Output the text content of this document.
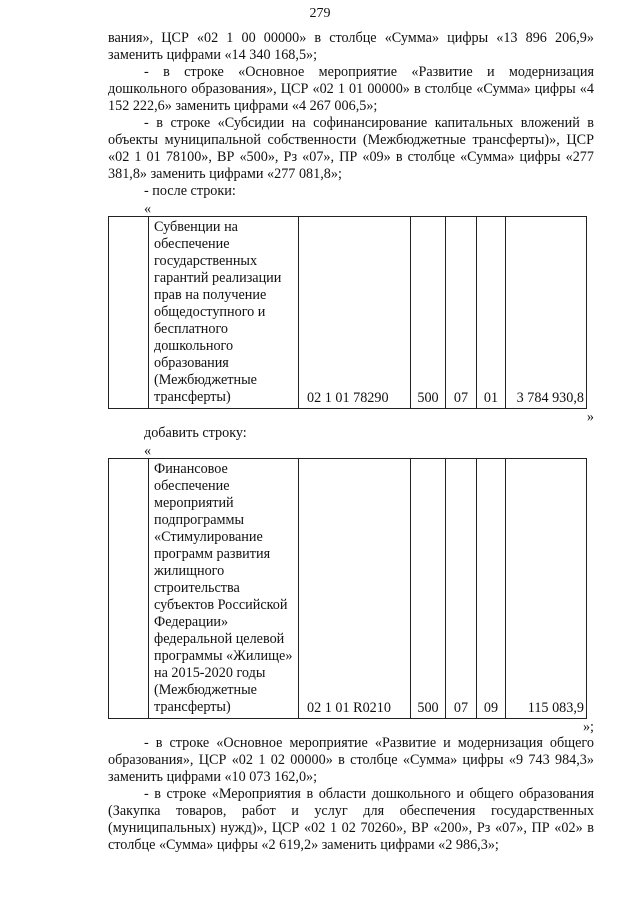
279

вания», ЦСР «02 1 00 00000» в столбце «Сумма» цифры «13 896 206,9» заменить цифрами «14 340 168,5»;

- в строке «Основное мероприятие «Развитие и модернизация дошкольного образования», ЦСР «02 1 01 00000» в столбце «Сумма» цифры «4 152 222,6» заменить цифрами «4 267 006,5»;

- в строке «Субсидии на софинансирование капитальных вложений в объекты муниципальной собственности (Межбюджетные трансферты)», ЦСР «02 1 01 78100», ВР «500», Рз «07», ПР «09» в столбце «Сумма» цифры «277 381,8» заменить цифрами «277 081,8»;

- после строки:

«

	Субвенции на обеспечение государственных гарантий реализации прав на получение общедоступного и бесплатного дошкольного образования (Межбюджетные трансферты)	02 1 01 78290	500	07	01	3 784 930,8

»

добавить строку:

«

	Финансовое обеспечение мероприятий подпрограммы «Стимулирование программ развития жилищного строительства субъектов Российской Федерации» федеральной целевой программы «Жилище» на 2015-2020 годы (Межбюджетные трансферты)	02 1 01 R0210	500	07	09	115 083,9

»;

- в строке «Основное мероприятие «Развитие и модернизация общего образования», ЦСР «02 1 02 00000» в столбце «Сумма» цифры «9 743 984,3» заменить цифрами «10 073 162,0»;

- в строке «Мероприятия в области дошкольного и общего образования (Закупка товаров, работ и услуг для обеспечения государственных (муниципальных) нужд)», ЦСР «02 1 02 70260», ВР «200», Рз «07», ПР «02» в столбце «Сумма» цифры «2 619,2» заменить цифрами «2 986,3»;
